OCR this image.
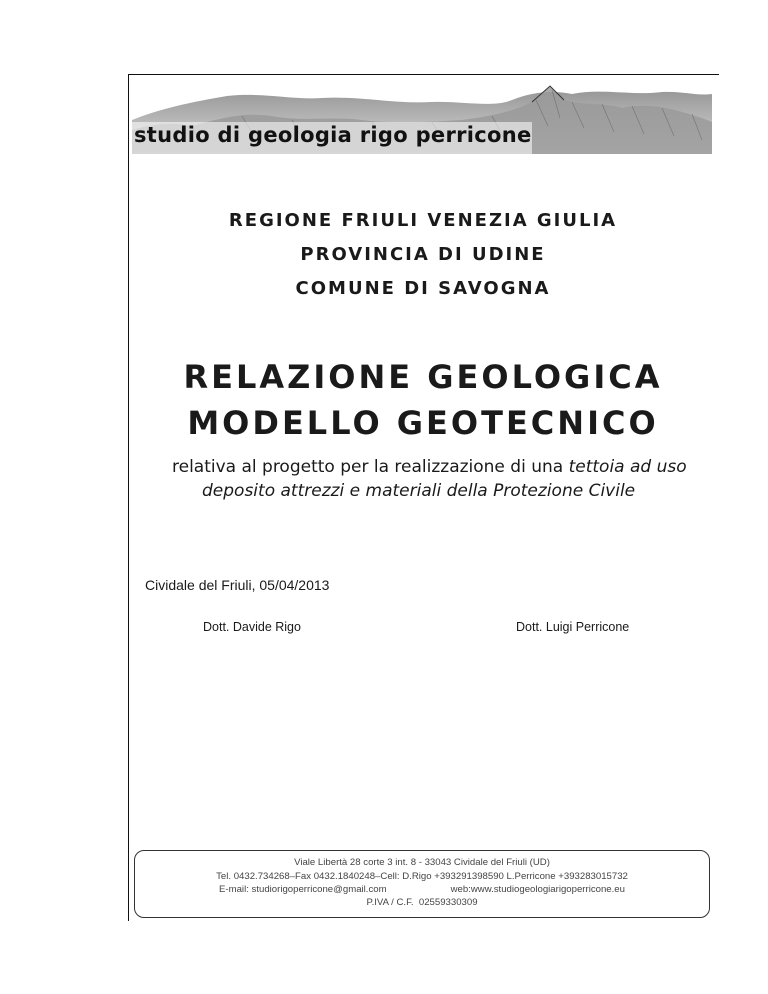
studio di geologia rigo perricone
REGIONE FRIULI VENEZIA GIULIA
PROVINCIA DI UDINE
COMUNE DI SAVOGNA
RELAZIONE GEOLOGICA
MODELLO GEOTECNICO
relativa al progetto per la realizzazione di una tettoia ad uso
deposito attrezzi e materiali della Protezione Civile
Cividale del Friuli, 05/04/2013
Dott. Davide Rigo	Dott. Luigi Perricone
Viale Libertà 28 corte 3 int. 8 - 33043 Cividale del Friuli (UD)
Tel. 0432.734268–Fax 0432.1840248–Cell: D.Rigo +393291398590 L.Perricone +393283015732
E-mail: studiorigoperricone@gmail.com	web:www.studiogeologiarigoperricone.eu
P.IVA / C.F.  02559330309
